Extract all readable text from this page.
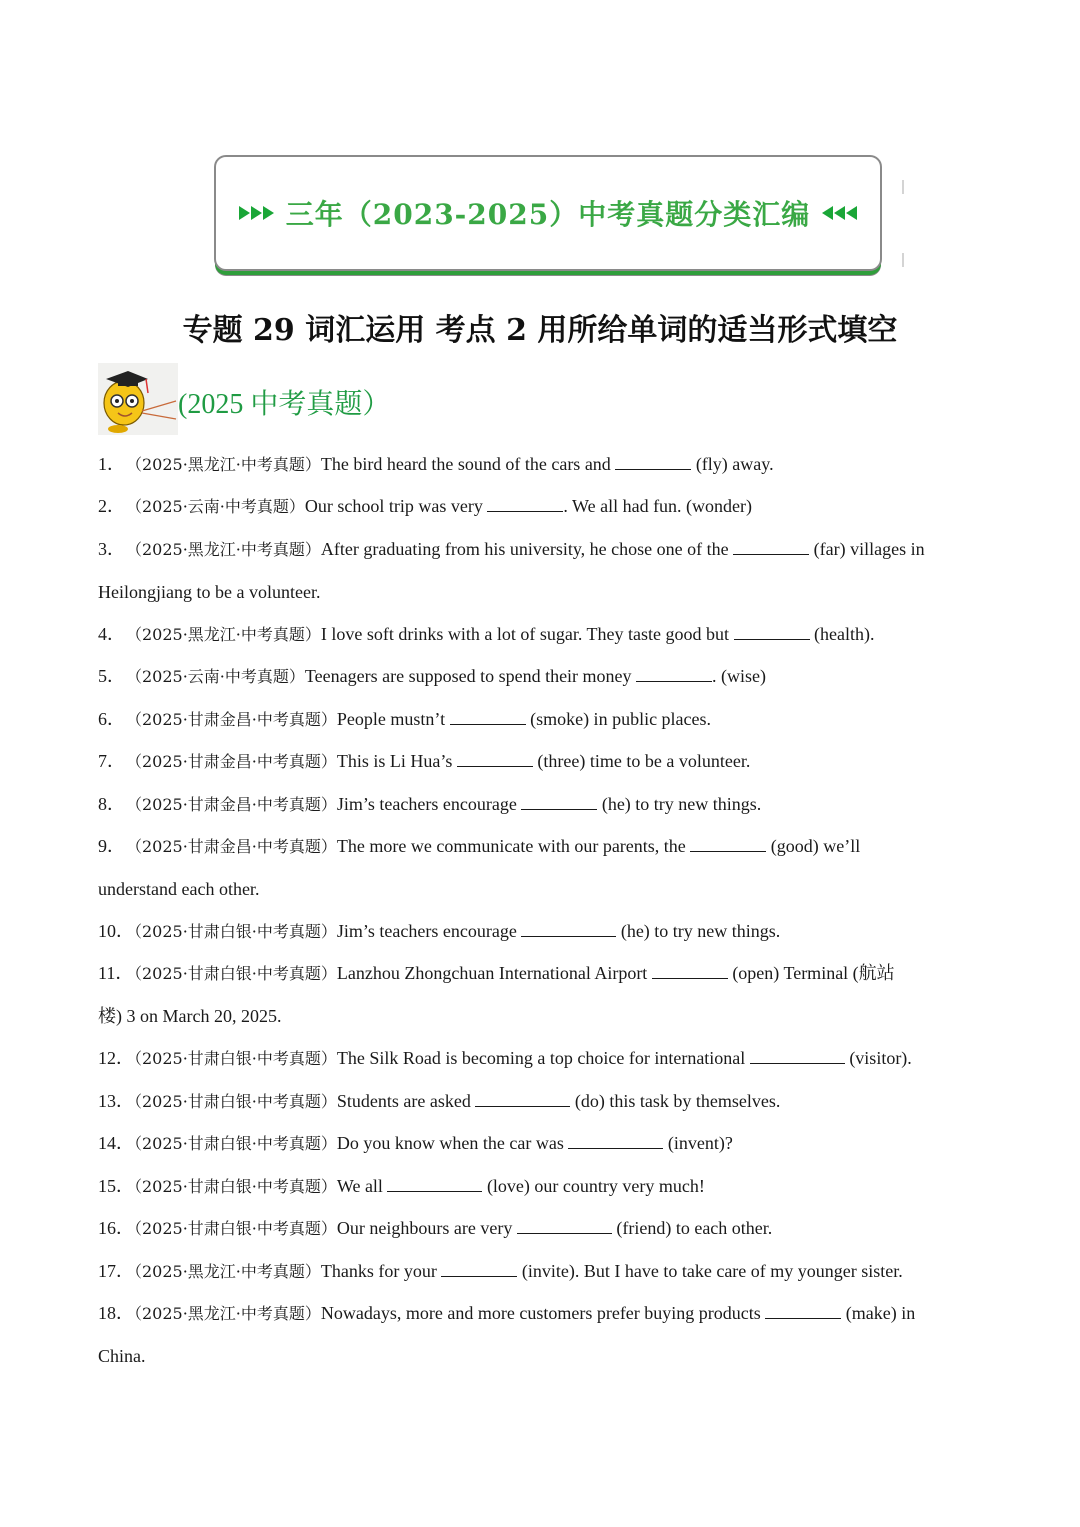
三年（2023-2025）中考真题分类汇编
专题 29 词汇运用 考点 2 用所给单词的适当形式填空
(2025 中考真题）
1．（2025·黑龙江·中考真题）The bird heard the sound of the cars and	(fly) away.
2．（2025·云南·中考真题）Our school trip was very	. We all had fun. (wonder)
3．（2025·黑龙江·中考真题）After graduating from his university, he chose one of the	(far) villages in
Heilongjiang to be a volunteer.
4．（2025·黑龙江·中考真题）I love soft drinks with a lot of sugar. They taste good but	(health).
5．（2025·云南·中考真题）Teenagers are supposed to spend their money	. (wise)
6．（2025·甘肃金昌·中考真题）People mustn’t	(smoke) in public places.
7．（2025·甘肃金昌·中考真题）This is Li Hua’s	(three) time to be a volunteer.
8．（2025·甘肃金昌·中考真题）Jim’s teachers encourage	(he) to try new things.
9．（2025·甘肃金昌·中考真题）The more we communicate with our parents, the	(good) we’ll
understand each other.
10．（2025·甘肃白银·中考真题）Jim’s teachers encourage	(he) to try new things.
11．（2025·甘肃白银·中考真题）Lanzhou Zhongchuan International Airport	(open) Terminal (航站
楼) 3 on March 20, 2025.
12．（2025·甘肃白银·中考真题）The Silk Road is becoming a top choice for international	(visitor).
13．（2025·甘肃白银·中考真题）Students are asked	(do) this task by themselves.
14．（2025·甘肃白银·中考真题）Do you know when the car was	(invent)?
15．（2025·甘肃白银·中考真题）We all	(love) our country very much!
16．（2025·甘肃白银·中考真题）Our neighbours are very	(friend) to each other.
17．（2025·黑龙江·中考真题）Thanks for your	(invite). But I have to take care of my younger sister.
18．（2025·黑龙江·中考真题）Nowadays, more and more customers prefer buying products	(make) in
China.
